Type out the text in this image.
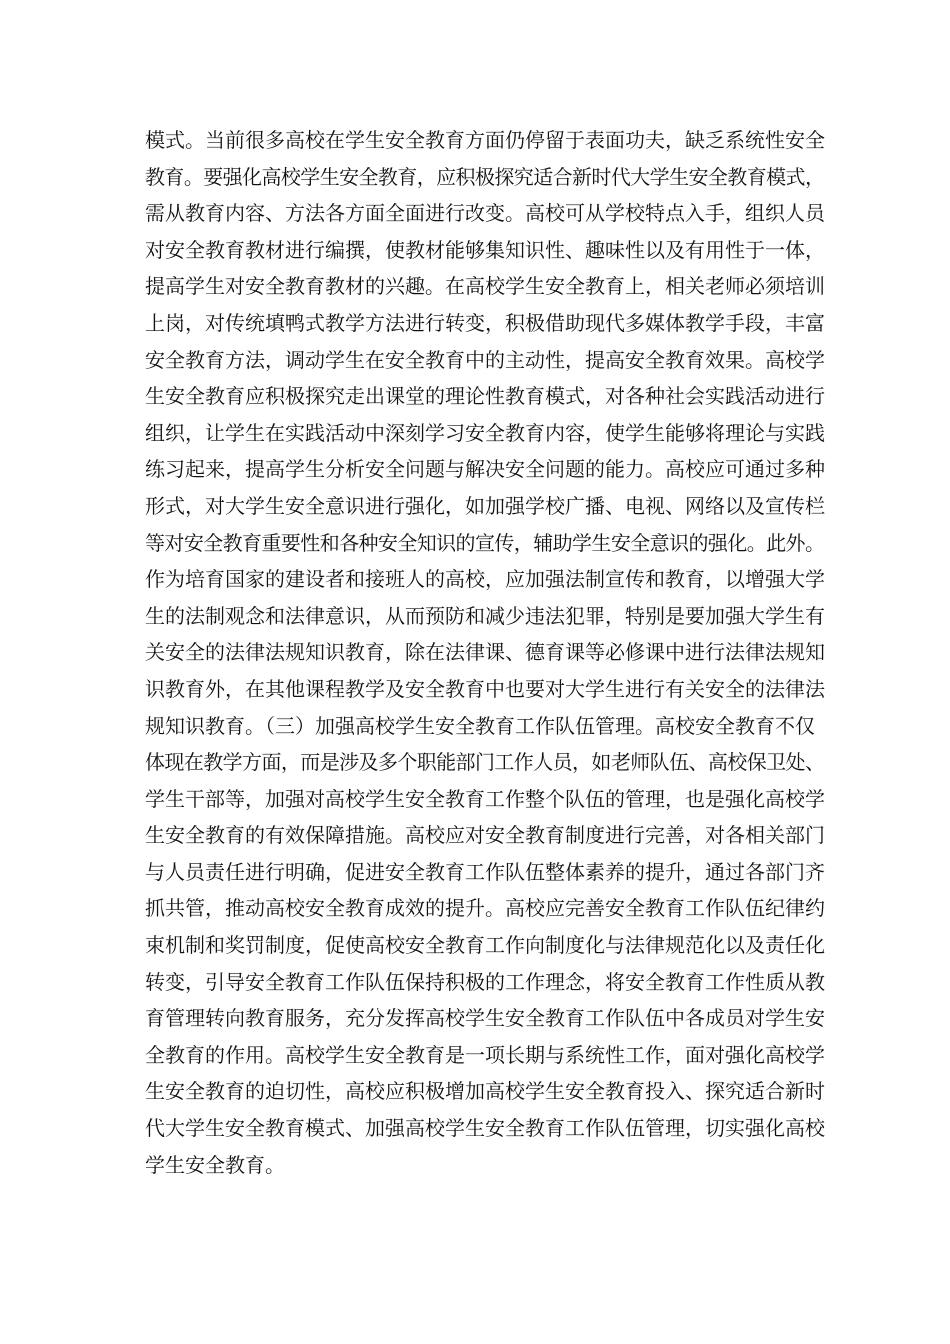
模式。当前很多高校在学生安全教育方面仍停留于表面功夫，缺乏系统性安全
教育。要强化高校学生安全教育，应积极探究适合新时代大学生安全教育模式，
需从教育内容、方法各方面全面进行改变。高校可从学校特点入手，组织人员
对安全教育教材进行编撰，使教材能够集知识性、趣味性以及有用性于一体，
提高学生对安全教育教材的兴趣。在高校学生安全教育上，相关老师必须培训
上岗，对传统填鸭式教学方法进行转变，积极借助现代多媒体教学手段，丰富
安全教育方法，调动学生在安全教育中的主动性，提高安全教育效果。高校学
生安全教育应积极探究走出课堂的理论性教育模式，对各种社会实践活动进行
组织，让学生在实践活动中深刻学习安全教育内容，使学生能够将理论与实践
练习起来，提高学生分析安全问题与解决安全问题的能力。高校应可通过多种
形式，对大学生安全意识进行强化，如加强学校广播、电视、网络以及宣传栏
等对安全教育重要性和各种安全知识的宣传，辅助学生安全意识的强化。此外。
作为培育国家的建设者和接班人的高校，应加强法制宣传和教育，以增强大学
生的法制观念和法律意识，从而预防和减少违法犯罪，特别是要加强大学生有
关安全的法律法规知识教育，除在法律课、德育课等必修课中进行法律法规知
识教育外，在其他课程教学及安全教育中也要对大学生进行有关安全的法律法
规知识教育。（三）加强高校学生安全教育工作队伍管理。高校安全教育不仅
体现在教学方面，而是涉及多个职能部门工作人员，如老师队伍、高校保卫处、
学生干部等，加强对高校学生安全教育工作整个队伍的管理，也是强化高校学
生安全教育的有效保障措施。高校应对安全教育制度进行完善，对各相关部门
与人员责任进行明确，促进安全教育工作队伍整体素养的提升，通过各部门齐
抓共管，推动高校安全教育成效的提升。高校应完善安全教育工作队伍纪律约
束机制和奖罚制度，促使高校安全教育工作向制度化与法律规范化以及责任化
转变，引导安全教育工作队伍保持积极的工作理念，将安全教育工作性质从教
育管理转向教育服务，充分发挥高校学生安全教育工作队伍中各成员对学生安
全教育的作用。高校学生安全教育是一项长期与系统性工作，面对强化高校学
生安全教育的迫切性，高校应积极增加高校学生安全教育投入、探究适合新时
代大学生安全教育模式、加强高校学生安全教育工作队伍管理，切实强化高校
学生安全教育。
